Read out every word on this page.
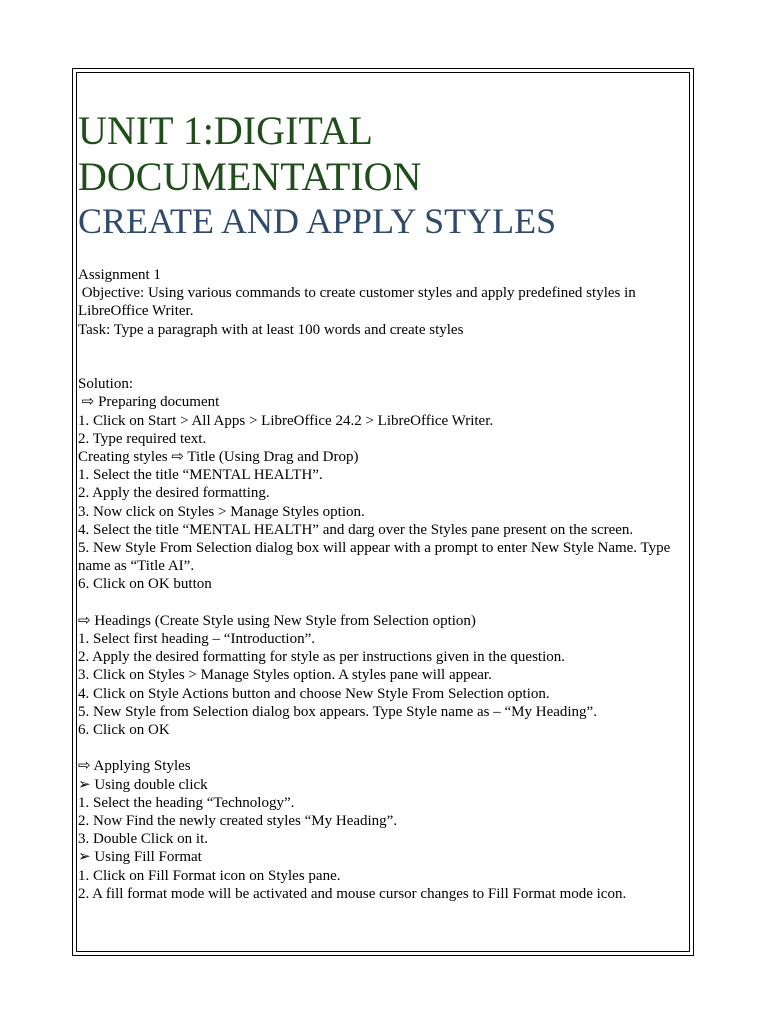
UNIT 1:DIGITAL
DOCUMENTATION
CREATE AND APPLY STYLES

Assignment 1

Objective: Using various commands to create customer styles and apply predefined styles in LibreOffice Writer.

Task: Type a paragraph with at least 100 words and create styles

Solution:

⇨ Preparing document

1. Click on Start > All Apps > LibreOffice 24.2 > LibreOffice Writer.

2. Type required text.

Creating styles ⇨ Title (Using Drag and Drop)

1. Select the title “MENTAL HEALTH”.

2. Apply the desired formatting.

3. Now click on Styles > Manage Styles option.

4. Select the title “MENTAL HEALTH” and darg over the Styles pane present on the screen.

5. New Style From Selection dialog box will appear with a prompt to enter New Style Name. Type name as “Title AI”.

6. Click on OK button

⇨ Headings (Create Style using New Style from Selection option)

1. Select first heading – “Introduction”.

2. Apply the desired formatting for style as per instructions given in the question.

3. Click on Styles > Manage Styles option. A styles pane will appear.

4. Click on Style Actions button and choose New Style From Selection option.

5. New Style from Selection dialog box appears. Type Style name as – “My Heading”.

6. Click on OK

⇨ Applying Styles

➢ Using double click

1. Select the heading “Technology”.

2. Now Find the newly created styles “My Heading”.

3. Double Click on it.

➢ Using Fill Format

1. Click on Fill Format icon on Styles pane.

2. A fill format mode will be activated and mouse cursor changes to Fill Format mode icon.
